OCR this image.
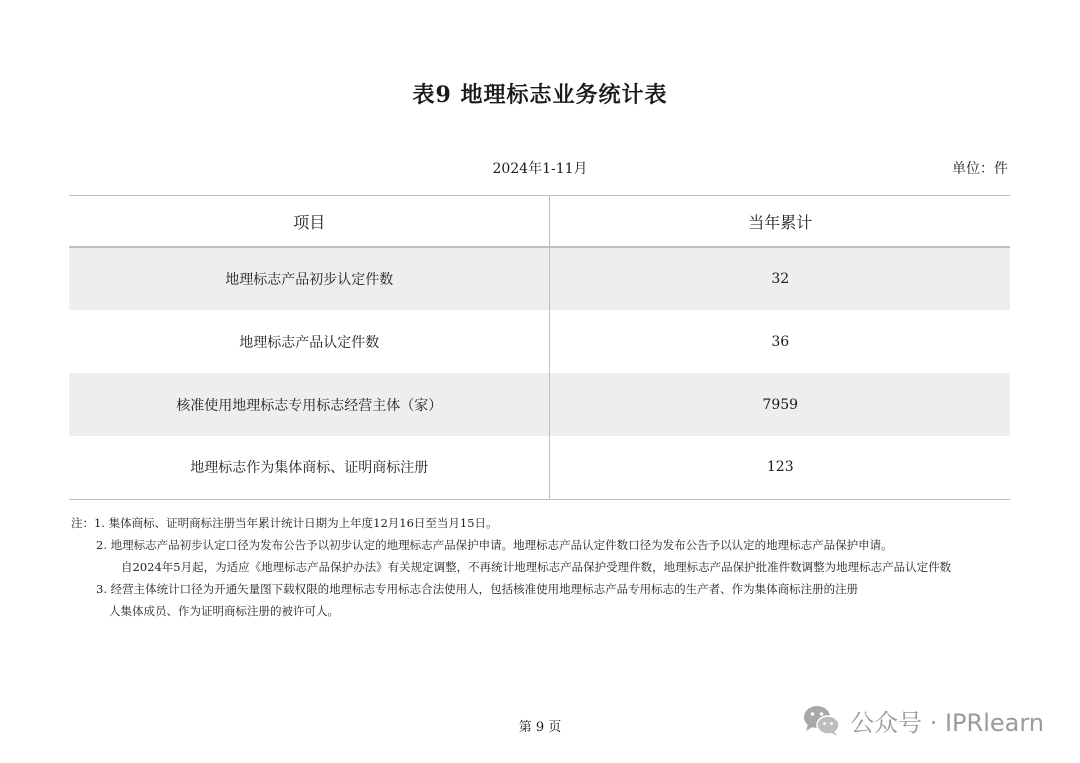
表9 地理标志业务统计表
2024年1-11月	单位：件
项目	当年累计
地理标志产品初步认定件数	32
地理标志产品认定件数	36
核准使用地理标志专用标志经营主体（家）	7959
地理标志作为集体商标、证明商标注册	123
注：1. 集体商标、证明商标注册当年累计统计日期为上年度12月16日至当月15日。
2. 地理标志产品初步认定口径为发布公告予以初步认定的地理标志产品保护申请。地理标志产品认定件数口径为发布公告予以认定的地理标志产品保护申请。
自2024年5月起，为适应《地理标志产品保护办法》有关规定调整，不再统计地理标志产品保护受理件数，地理标志产品保护批准件数调整为地理标志产品认定件数
3. 经营主体统计口径为开通矢量图下载权限的地理标志专用标志合法使用人，包括核准使用地理标志产品专用标志的生产者、作为集体商标注册的注册
人集体成员、作为证明商标注册的被许可人。
第 9 页	公众号 · IPRlearn
